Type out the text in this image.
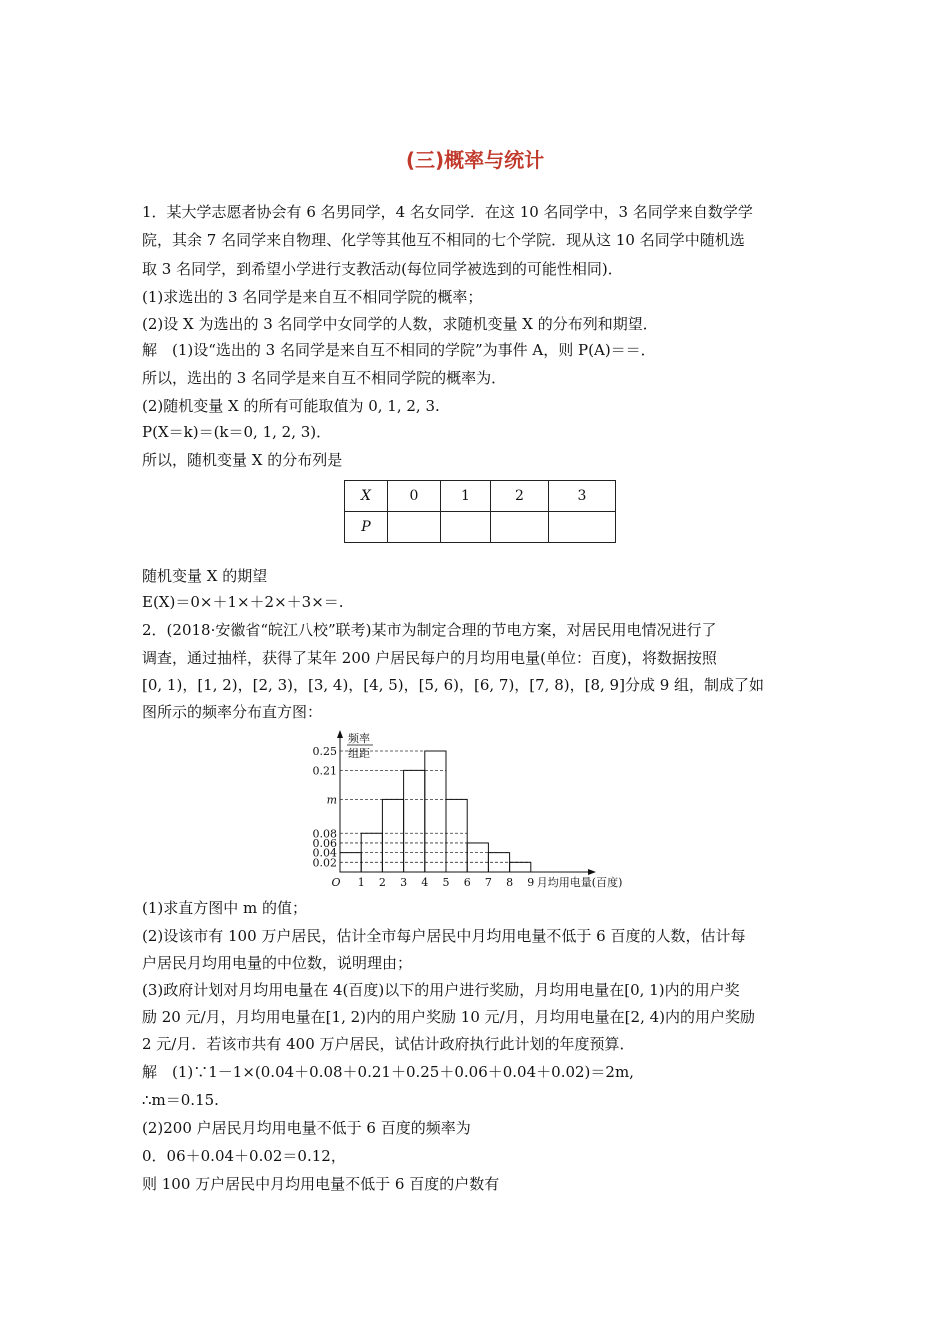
(三)概率与统计
1．某大学志愿者协会有 6 名男同学，4 名女同学．在这 10 名同学中，3 名同学来自数学学
院，其余 7 名同学来自物理、化学等其他互不相同的七个学院．现从这 10 名同学中随机选
取 3 名同学，到希望小学进行支教活动(每位同学被选到的可能性相同)．
(1)求选出的 3 名同学是来自互不相同学院的概率；
(2)设 X 为选出的 3 名同学中女同学的人数，求随机变量 X 的分布列和期望．
解　(1)设“选出的 3 名同学是来自互不相同的学院”为事件 A，则 P(A)＝＝．
所以，选出的 3 名同学是来自互不相同学院的概率为．
(2)随机变量 X 的所有可能取值为 0, 1, 2, 3.
P(X＝k)＝(k＝0, 1, 2, 3)．
所以，随机变量 X 的分布列是
X	0	1	2	3
P				
随机变量 X 的期望
E(X)＝0×＋1×＋2×＋3×＝.
2．(2018·安徽省“皖江八校”联考)某市为制定合理的节电方案，对居民用电情况进行了
调查，通过抽样，获得了某年 200 户居民每户的月均用电量(单位：百度)，将数据按照
[0, 1)，[1, 2)，[2, 3)，[3, 4)，[4, 5)，[5, 6)，[6, 7)，[7, 8)，[8, 9]分成 9 组，制成了如
图所示的频率分布直方图：
0.02
0.04
0.06
0.08
m
0.21
0.25
1 2 3 4 5 6 7 8 9
O	月均用电量(百度)
频率
组距
(1)求直方图中 m 的值；
(2)设该市有 100 万户居民，估计全市每户居民中月均用电量不低于 6 百度的人数，估计每
户居民月均用电量的中位数，说明理由；
(3)政府计划对月均用电量在 4(百度)以下的用户进行奖励，月均用电量在[0, 1)内的用户奖
励 20 元/月，月均用电量在[1, 2)内的用户奖励 10 元/月，月均用电量在[2, 4)内的用户奖励
2 元/月．若该市共有 400 万户居民，试估计政府执行此计划的年度预算．
解　(1)∵1－1×(0.04＋0.08＋0.21＋0.25＋0.06＋0.04＋0.02)＝2m,
∴m＝0.15.
(2)200 户居民月均用电量不低于 6 百度的频率为
0．06＋0.04＋0.02＝0.12，
则 100 万户居民中月均用电量不低于 6 百度的户数有
